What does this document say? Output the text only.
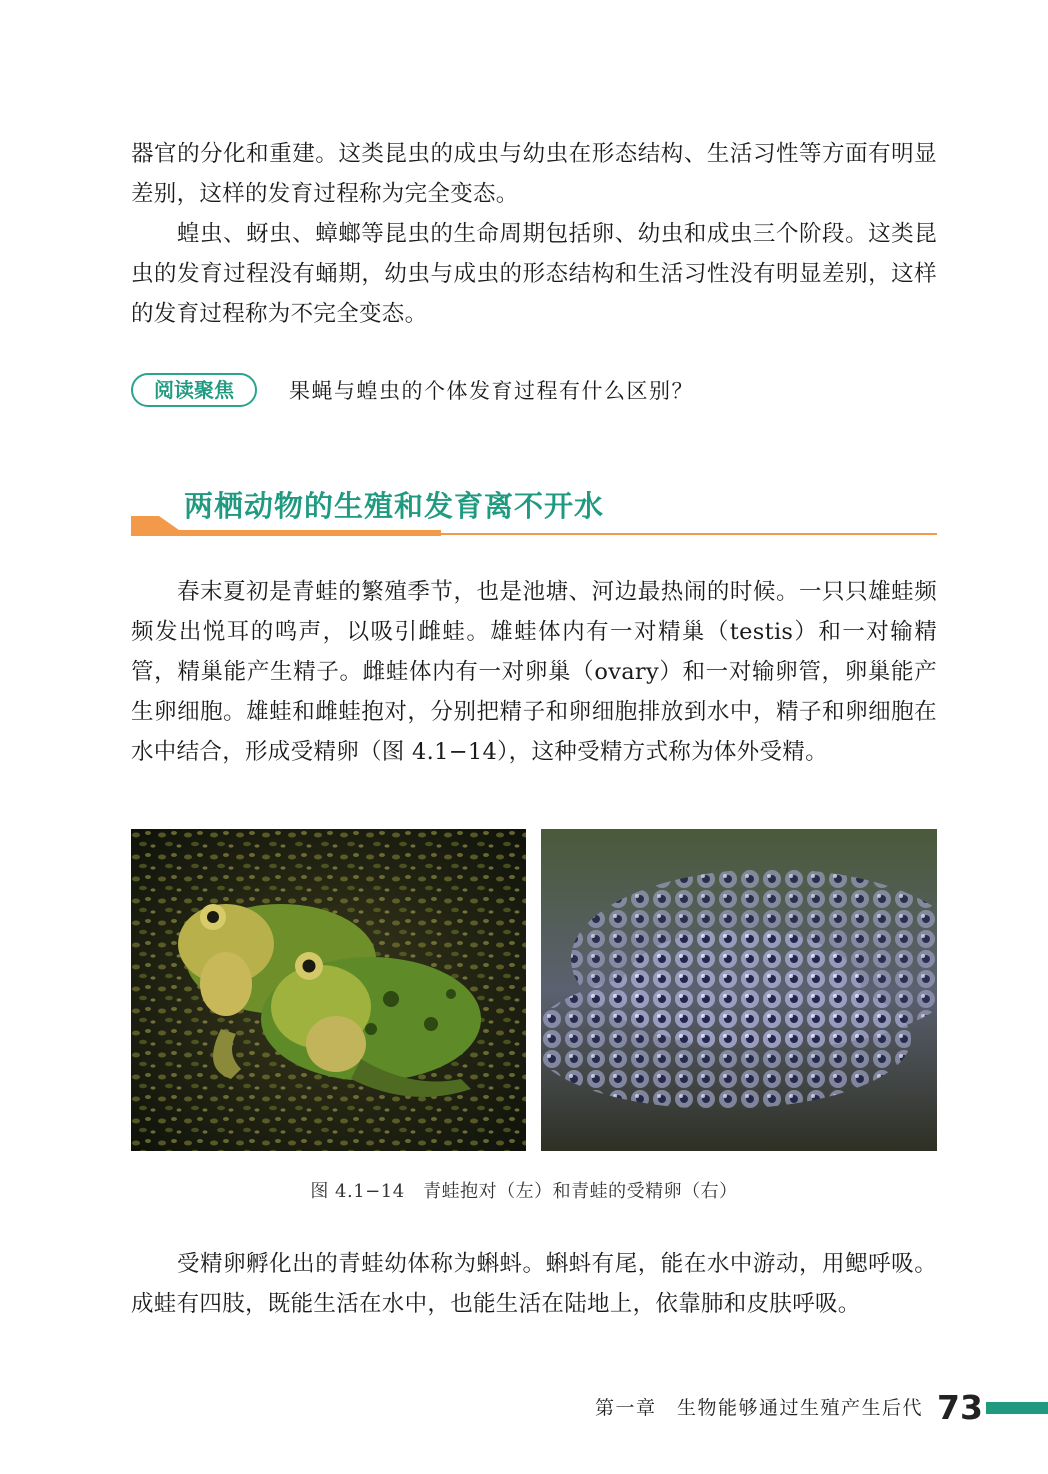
器官的分化和重建。这类昆虫的成虫与幼虫在形态结构、生活习性等方面有明显差别，这样的发育过程称为完全变态。

蝗虫、蚜虫、蟑螂等昆虫的生命周期包括卵、幼虫和成虫三个阶段。这类昆虫的发育过程没有蛹期，幼虫与成虫的形态结构和生活习性没有明显差别，这样的发育过程称为不完全变态。

阅读聚焦	果蝇与蝗虫的个体发育过程有什么区别？
两栖动物的生殖和发育离不开水

春末夏初是青蛙的繁殖季节，也是池塘、河边最热闹的时候。一只只雄蛙频频发出悦耳的鸣声，以吸引雌蛙。雄蛙体内有一对精巢（testis）和一对输精管，精巢能产生精子。雌蛙体内有一对卵巢（ovary）和一对输卵管，卵巢能产生卵细胞。雄蛙和雌蛙抱对，分别把精子和卵细胞排放到水中，精子和卵细胞在水中结合，形成受精卵（图 4.1−14），这种受精方式称为体外受精。

图 4.1−14　青蛙抱对（左）和青蛙的受精卵（右）

受精卵孵化出的青蛙幼体称为蝌蚪。蝌蚪有尾，能在水中游动，用鳃呼吸。成蛙有四肢，既能生活在水中，也能生活在陆地上，依靠肺和皮肤呼吸。

第一章　生物能够通过生殖产生后代 73
